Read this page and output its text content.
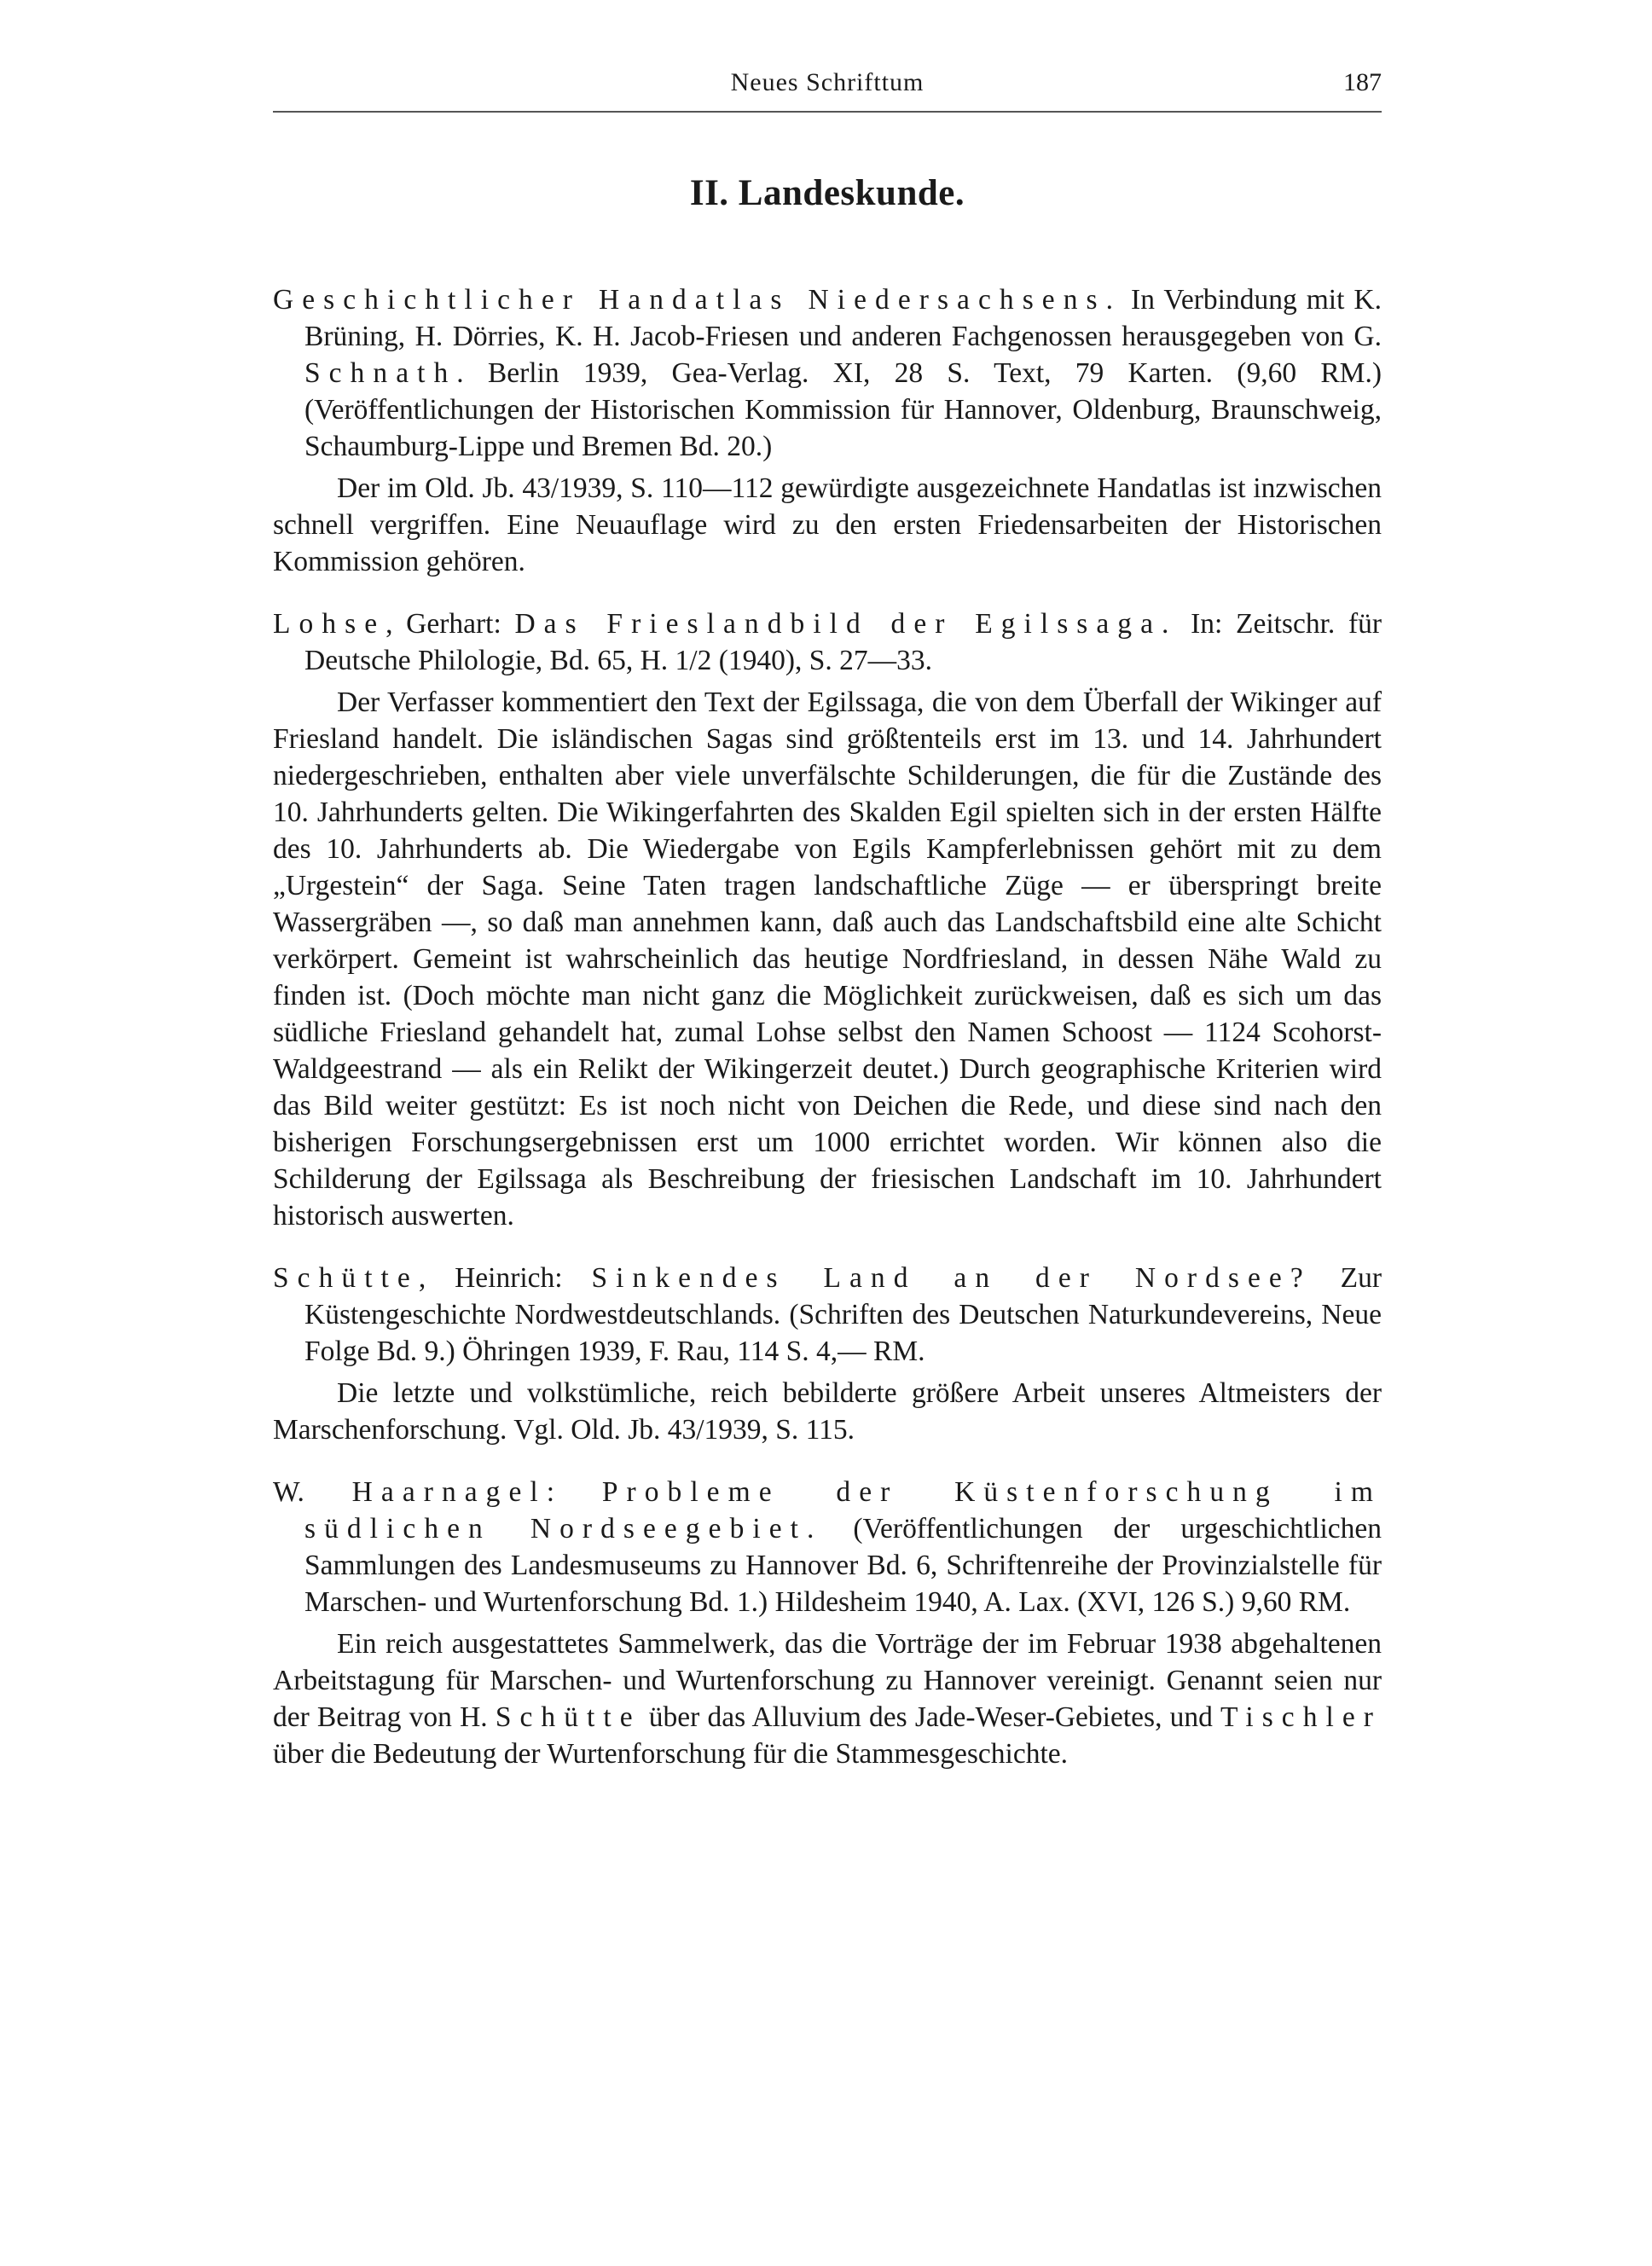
Neues Schrifttum	187
II. Landeskunde.

Geschichtlicher Handatlas Niedersachsens. In Verbindung mit K. Brüning, H. Dörries, K. H. Jacob-Friesen und anderen Fachgenossen herausgegeben von G. Schnath. Berlin 1939, Gea-Verlag. XI, 28 S. Text, 79 Karten. (9,60 RM.) (Veröffentlichungen der Historischen Kommission für Hannover, Oldenburg, Braunschweig, Schaumburg-Lippe und Bremen Bd. 20.)

Der im Old. Jb. 43/1939, S. 110—112 gewürdigte ausgezeichnete Handatlas ist inzwischen schnell vergriffen. Eine Neuauflage wird zu den ersten Friedensarbeiten der Historischen Kommission gehören.

Lohse, Gerhart: Das Frieslandbild der Egilssaga. In: Zeitschr. für Deutsche Philologie, Bd. 65, H. 1/2 (1940), S. 27—33.

Der Verfasser kommentiert den Text der Egilssaga, die von dem Überfall der Wikinger auf Friesland handelt. Die isländischen Sagas sind größtenteils erst im 13. und 14. Jahrhundert niedergeschrieben, enthalten aber viele unverfälschte Schilderungen, die für die Zustände des 10. Jahrhunderts gelten. Die Wikingerfahrten des Skalden Egil spielten sich in der ersten Hälfte des 10. Jahrhunderts ab. Die Wiedergabe von Egils Kampferlebnissen gehört mit zu dem „Urgestein“ der Saga. Seine Taten tragen landschaftliche Züge — er überspringt breite Wassergräben —, so daß man annehmen kann, daß auch das Landschaftsbild eine alte Schicht verkörpert. Gemeint ist wahrscheinlich das heutige Nordfriesland, in dessen Nähe Wald zu finden ist. (Doch möchte man nicht ganz die Möglichkeit zurückweisen, daß es sich um das südliche Friesland gehandelt hat, zumal Lohse selbst den Namen Schoost — 1124 Scohorst-Waldgeestrand — als ein Relikt der Wikingerzeit deutet.) Durch geographische Kriterien wird das Bild weiter gestützt: Es ist noch nicht von Deichen die Rede, und diese sind nach den bisherigen Forschungsergebnissen erst um 1000 errichtet worden. Wir können also die Schilderung der Egilssaga als Beschreibung der friesischen Landschaft im 10. Jahrhundert historisch auswerten.

Schütte, Heinrich: Sinkendes Land an der Nordsee? Zur Küstengeschichte Nordwestdeutschlands. (Schriften des Deutschen Naturkundevereins, Neue Folge Bd. 9.) Öhringen 1939, F. Rau, 114 S. 4,— RM.

Die letzte und volkstümliche, reich bebilderte größere Arbeit unseres Altmeisters der Marschenforschung. Vgl. Old. Jb. 43/1939, S. 115.

W. Haarnagel: Probleme der Küstenforschung im südlichen Nordseegebiet. (Veröffentlichungen der urgeschichtlichen Sammlungen des Landesmuseums zu Hannover Bd. 6, Schriftenreihe der Provinzialstelle für Marschen- und Wurtenforschung Bd. 1.) Hildesheim 1940, A. Lax. (XVI, 126 S.) 9,60 RM.

Ein reich ausgestattetes Sammelwerk, das die Vorträge der im Februar 1938 abgehaltenen Arbeitstagung für Marschen- und Wurtenforschung zu Hannover vereinigt. Genannt seien nur der Beitrag von H. Schütte über das Alluvium des Jade-Weser-Gebietes, und Tischler über die Bedeutung der Wurtenforschung für die Stammesgeschichte.
